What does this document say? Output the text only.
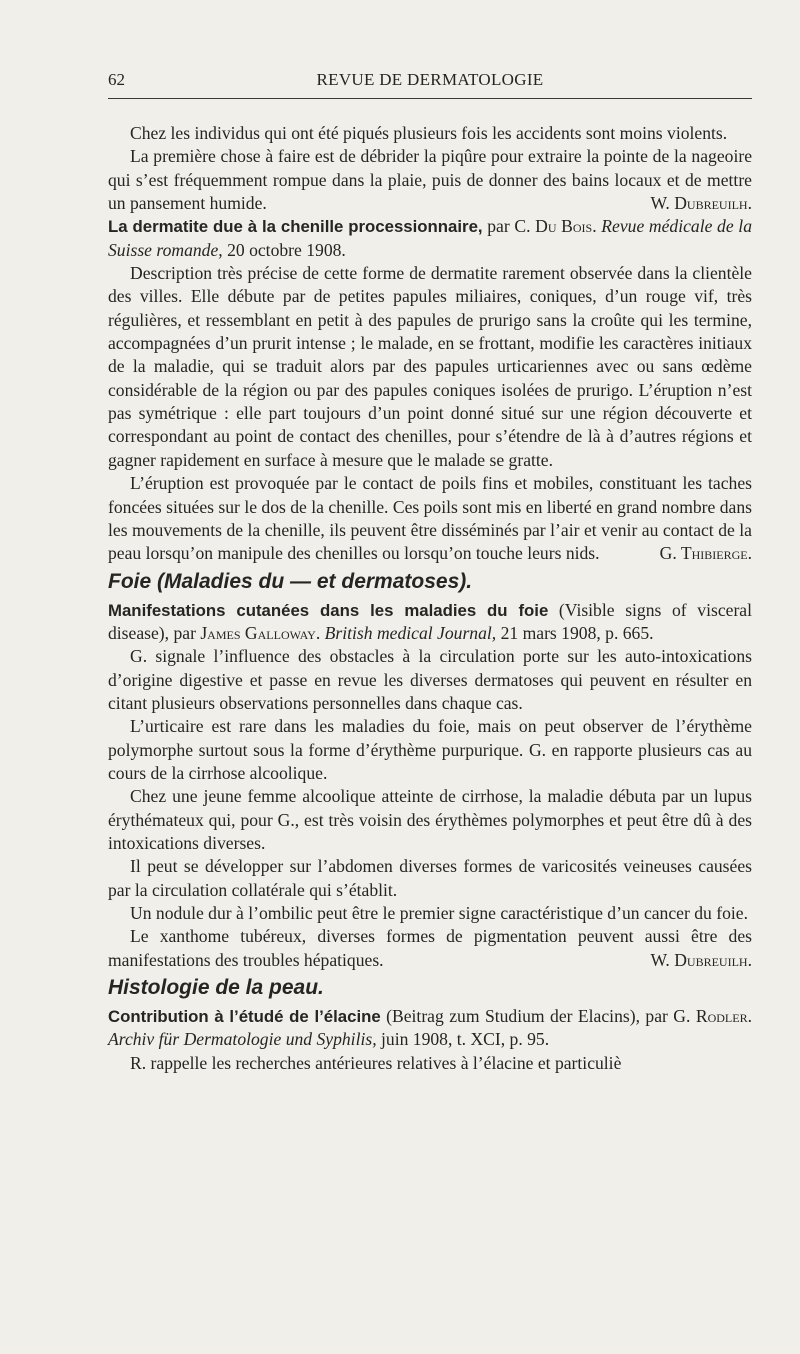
62	REVUE DE DERMATOLOGIE

Chez les individus qui ont été piqués plusieurs fois les accidents sont moins violents.

La première chose à faire est de débrider la piqûre pour extraire la pointe de la nageoire qui s’est fréquemment rompue dans la plaie, puis de donner des bains locaux et de mettre un pansement humide.	W. Dubreuilh.

La dermatite due à la chenille processionnaire, par C. Du Bois. Revue médicale de la Suisse romande, 20 octobre 1908.

Description très précise de cette forme de dermatite rarement observée dans la clientèle des villes. Elle débute par de petites papules miliaires, coniques, d’un rouge vif, très régulières, et ressemblant en petit à des papules de prurigo sans la croûte qui les termine, accompagnées d’un prurit intense ; le malade, en se frottant, modifie les caractères initiaux de la maladie, qui se traduit alors par des papules urticariennes avec ou sans œdème considérable de la région ou par des papules coniques isolées de prurigo. L’éruption n’est pas symétrique : elle part toujours d’un point donné situé sur une région découverte et correspondant au point de contact des chenilles, pour s’étendre de là à d’autres régions et gagner rapidement en surface à mesure que le malade se gratte.

L’éruption est provoquée par le contact de poils fins et mobiles, constituant les taches foncées situées sur le dos de la chenille. Ces poils sont mis en liberté en grand nombre dans les mouvements de la chenille, ils peuvent être disséminés par l’air et venir au contact de la peau lorsqu’on manipule des chenilles ou lorsqu’on touche leurs nids.	G. Thibierge.

Foie (Maladies du — et dermatoses).

Manifestations cutanées dans les maladies du foie (Visible signs of visceral disease), par James Galloway. British medical Journal, 21 mars 1908, p. 665.

G. signale l’influence des obstacles à la circulation porte sur les auto-intoxications d’origine digestive et passe en revue les diverses dermatoses qui peuvent en résulter en citant plusieurs observations personnelles dans chaque cas.

L’urticaire est rare dans les maladies du foie, mais on peut observer de l’érythème polymorphe surtout sous la forme d’érythème purpurique. G. en rapporte plusieurs cas au cours de la cirrhose alcoolique.

Chez une jeune femme alcoolique atteinte de cirrhose, la maladie débuta par un lupus érythémateux qui, pour G., est très voisin des érythèmes polymorphes et peut être dû à des intoxications diverses.

Il peut se développer sur l’abdomen diverses formes de varicosités veineuses causées par la circulation collatérale qui s’établit.

Un nodule dur à l’ombilic peut être le premier signe caractéristique d’un cancer du foie.

Le xanthome tubéreux, diverses formes de pigmentation peuvent aussi être des manifestations des troubles hépatiques.	W. Dubreuilh.

Histologie de la peau.

Contribution à l’étudé de l’élacine (Beitrag zum Studium der Elacins), par G. Rodler. Archiv für Dermatologie und Syphilis, juin 1908, t. XCI, p. 95.

R. rappelle les recherches antérieures relatives à l’élacine et particuliè
